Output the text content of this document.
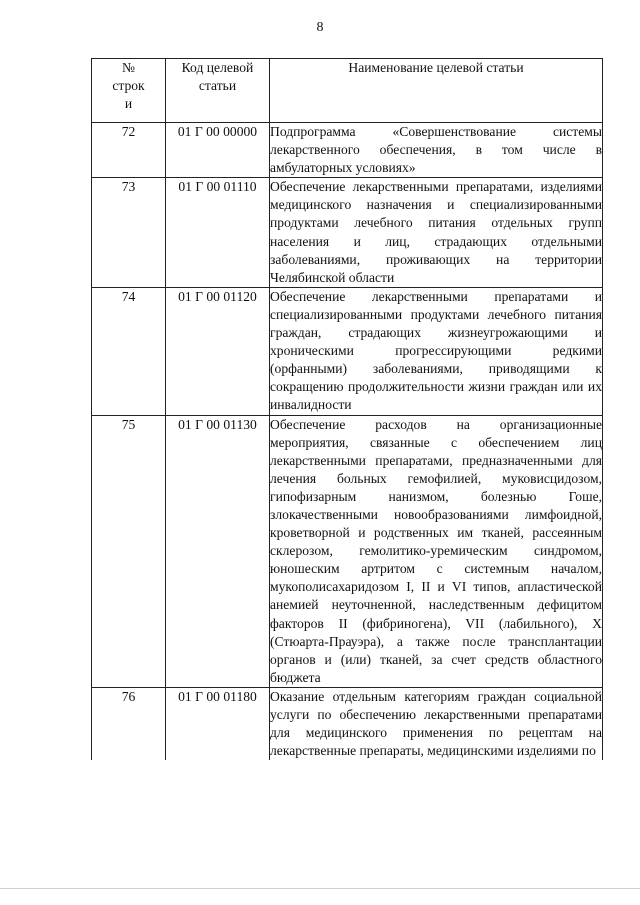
8
№ строк и	Код целевой статьи	Наименование целевой статьи

72	01 Г 00 00000	Подпрограмма «Совершенствование системы лекарственного обеспечения, в том числе в амбулаторных условиях»

73	01 Г 00 01110	Обеспечение лекарственными препаратами, изделиями медицинского назначения и специализированными продуктами лечебного питания отдельных групп населения и лиц, страдающих отдельными заболеваниями, проживающих на территории Челябинской области

74	01 Г 00 01120	Обеспечение лекарственными препаратами и специализированными продуктами лечебного питания граждан, страдающих жизнеугрожающими и хроническими прогрессирующими редкими (орфанными) заболеваниями, приводящими к сокращению продолжительности жизни граждан или их инвалидности

75	01 Г 00 01130	Обеспечение расходов на организационные мероприятия, связанные с обеспечением лиц лекарственными препаратами, предназначенными для лечения больных гемофилией, муковисцидозом, гипофизарным нанизмом, болезнью Гоше, злокачественными новообразованиями лимфоидной, кроветворной и родственных им тканей, рассеянным склерозом, гемолитико-уремическим синдромом, юношеским артритом с системным началом, мукополисахаридозом I, II и VI типов, апластической анемией неуточненной, наследственным дефицитом факторов II (фибриногена), VII (лабильного), X (Стюарта-Прауэра), а также после трансплантации органов и (или) тканей, за счет средств областного бюджета

76	01 Г 00 01180	Оказание отдельным категориям граждан социальной услуги по обеспечению лекарственными препаратами для медицинского применения по рецептам на лекарственные препараты, медицинскими изделиями по
